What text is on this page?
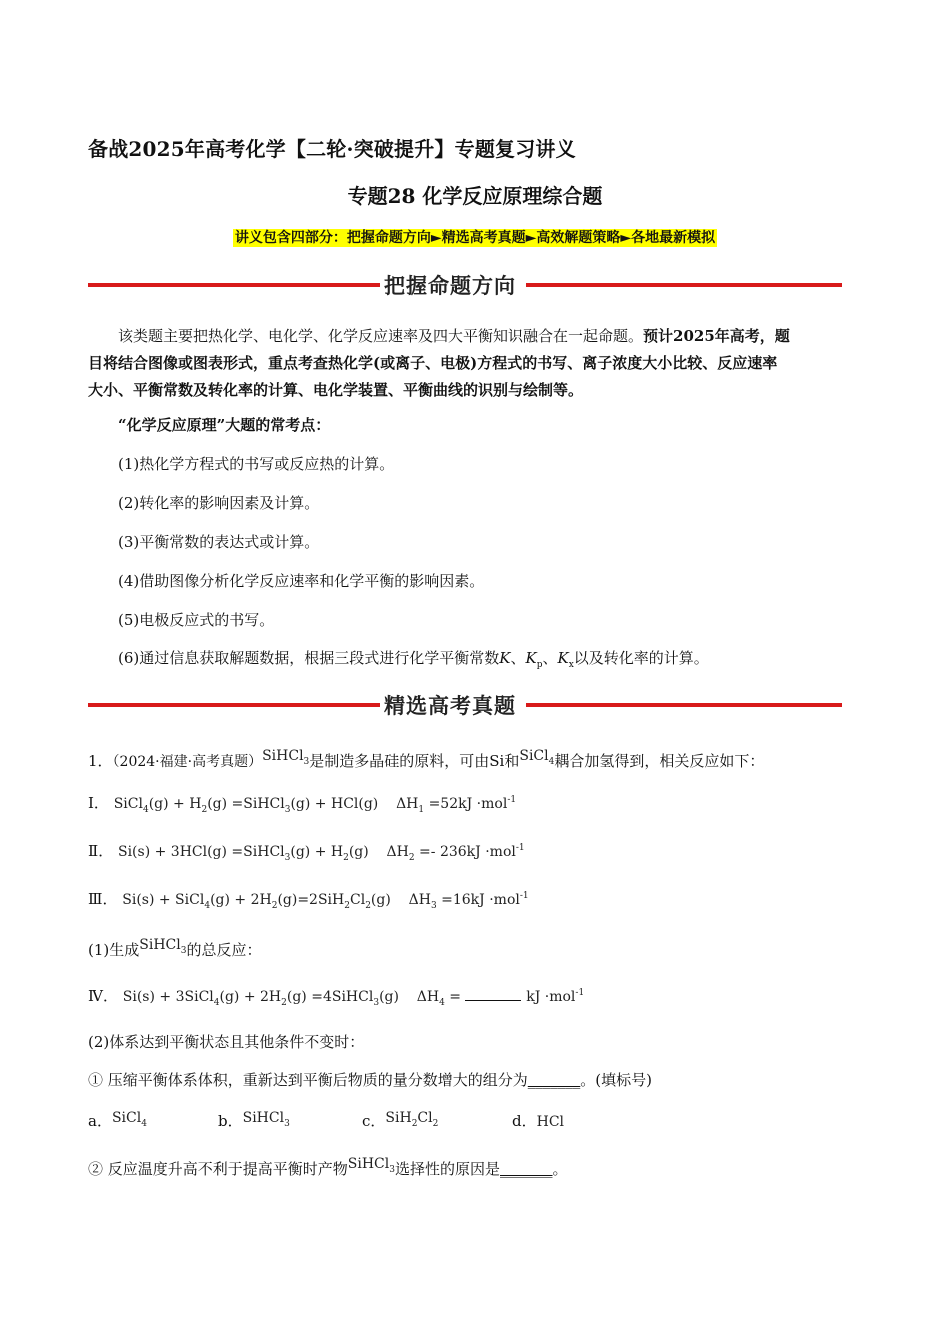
备战2025年高考化学【二轮·突破提升】专题复习讲义
专题28 化学反应原理综合题
讲义包含四部分：把握命题方向►精选高考真题►高效解题策略►各地最新模拟
把握命题方向
该类题主要把热化学、电化学、化学反应速率及四大平衡知识融合在一起命题。预计2025年高考，题
目将结合图像或图表形式，重点考查热化学(或离子、电极)方程式的书写、离子浓度大小比较、反应速率
大小、平衡常数及转化率的计算、电化学装置、平衡曲线的识别与绘制等。
“化学反应原理”大题的常考点：
(1)热化学方程式的书写或反应热的计算。
(2)转化率的影响因素及计算。
(3)平衡常数的表达式或计算。
(4)借助图像分析化学反应速率和化学平衡的影响因素。
(5)电极反应式的书写。
(6)通过信息获取解题数据，根据三段式进行化学平衡常数K、$K_p$、$K_x$以及转化率的计算。
精选高考真题
1．（2024·福建·高考真题）SiHCl$_3$是制造多晶硅的原料，可由Si和SiCl$_4$耦合加氢得到，相关反应如下：
Ⅰ． SiCl$_4$(g) + $H_2(g)$ =SiHCl$_3$(g) + HCl(g)    $\Delta H_1 =52kJ \cdot mol^{-1}$
Ⅱ． Si(s) + 3HCl(g) =SiHCl$_3$(g) + $H_2(g)$    $\Delta H_2 =- 236kJ \cdot mol^{-1}$
Ⅲ． Si(s) + SiCl$_4$(g) + $2H_2(g)=2SiH_2Cl_2(g)$    $\Delta H_3 =16kJ \cdot mol^{-1}$
(1)生成SiHCl$_3$的总反应：
Ⅳ． Si(s) + 3SiCl$_4$(g) + $2H_2(g)$ =4SiHCl$_3$(g)    $\Delta H_4$ =	kJ ·mol$^{-1}$
(2)体系达到平衡状态且其他条件不变时：
① 压缩平衡体系体积，重新达到平衡后物质的量分数增大的组分为_______。(填标号)
a．SiCl$_4$	b．SiHCl$_3$	c．$SiH_2Cl_2$	d．HCl
② 反应温度升高不利于提高平衡时产物SiHCl$_3$选择性的原因是_______。
